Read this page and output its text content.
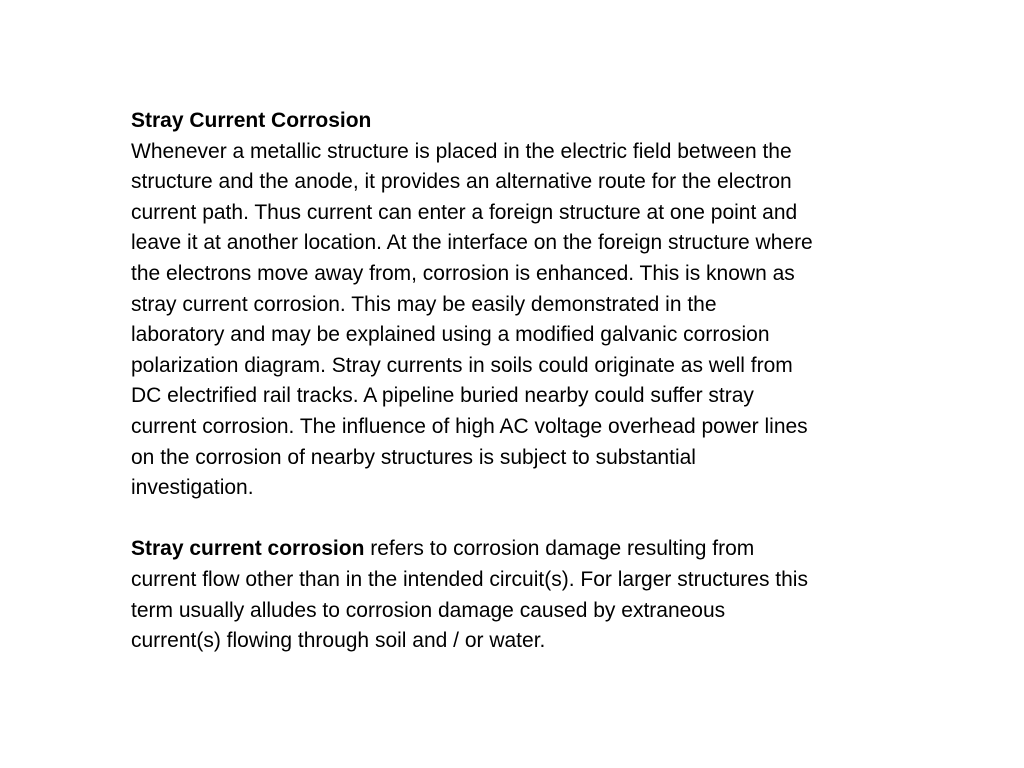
Stray Current Corrosion
Whenever a metallic structure is placed in the electric field between the
structure and the anode, it provides an alternative route for the electron
current path. Thus current can enter a foreign structure at one point and
leave it at another location. At the interface on the foreign structure where
the electrons move away from, corrosion is enhanced. This is known as
stray current corrosion. This may be easily demonstrated in the
laboratory and may be explained using a modified galvanic corrosion
polarization diagram. Stray currents in soils could originate as well from
DC electrified rail tracks. A pipeline buried nearby could suffer stray
current corrosion. The influence of high AC voltage overhead power lines
on the corrosion of nearby structures is subject to substantial
investigation.
Stray current corrosion refers to corrosion damage resulting from
current flow other than in the intended circuit(s). For larger structures this
term usually alludes to corrosion damage caused by extraneous
current(s) flowing through soil and / or water.
